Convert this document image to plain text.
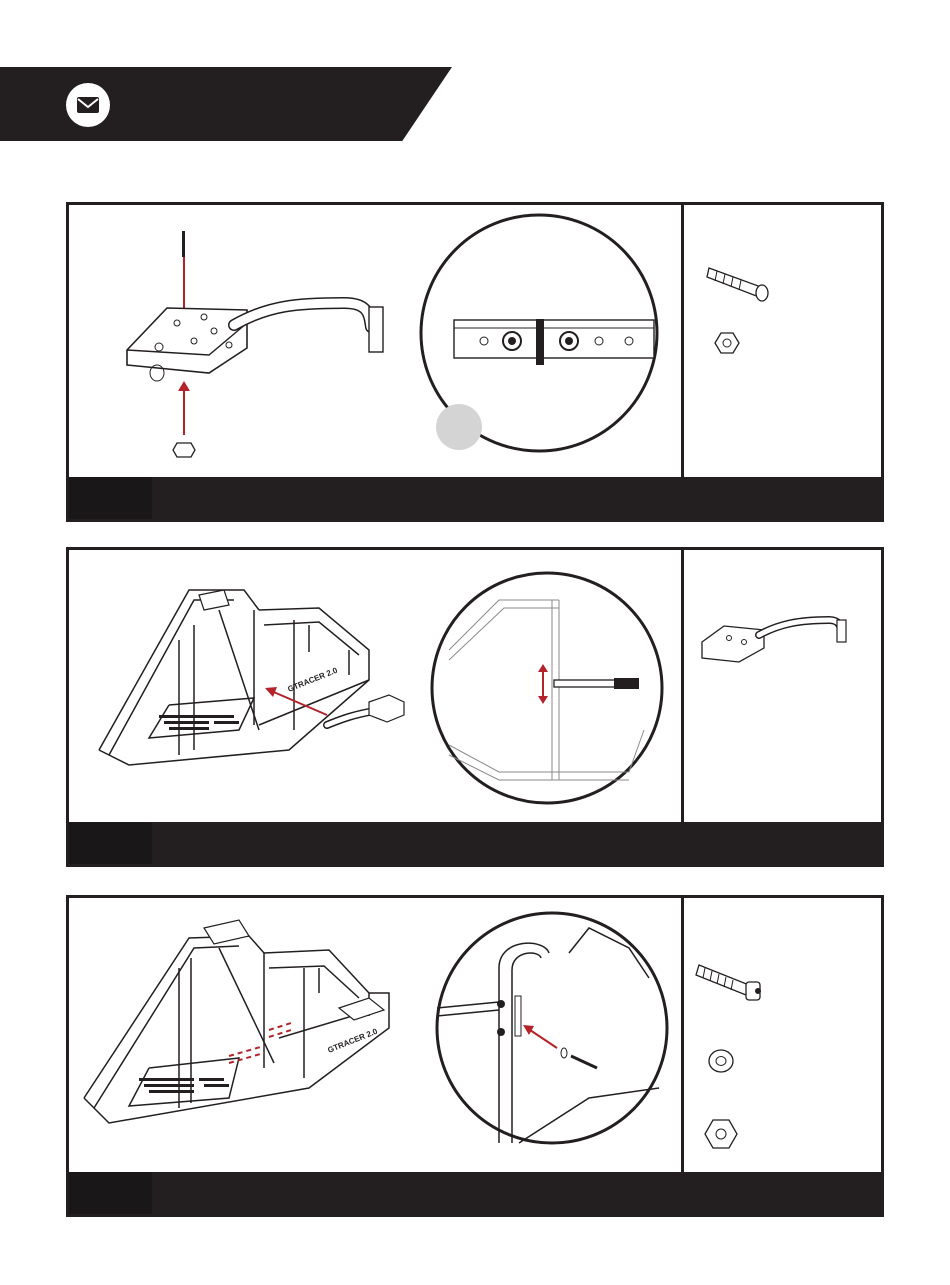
GTRACER 2.0
GTRACER 2.0
